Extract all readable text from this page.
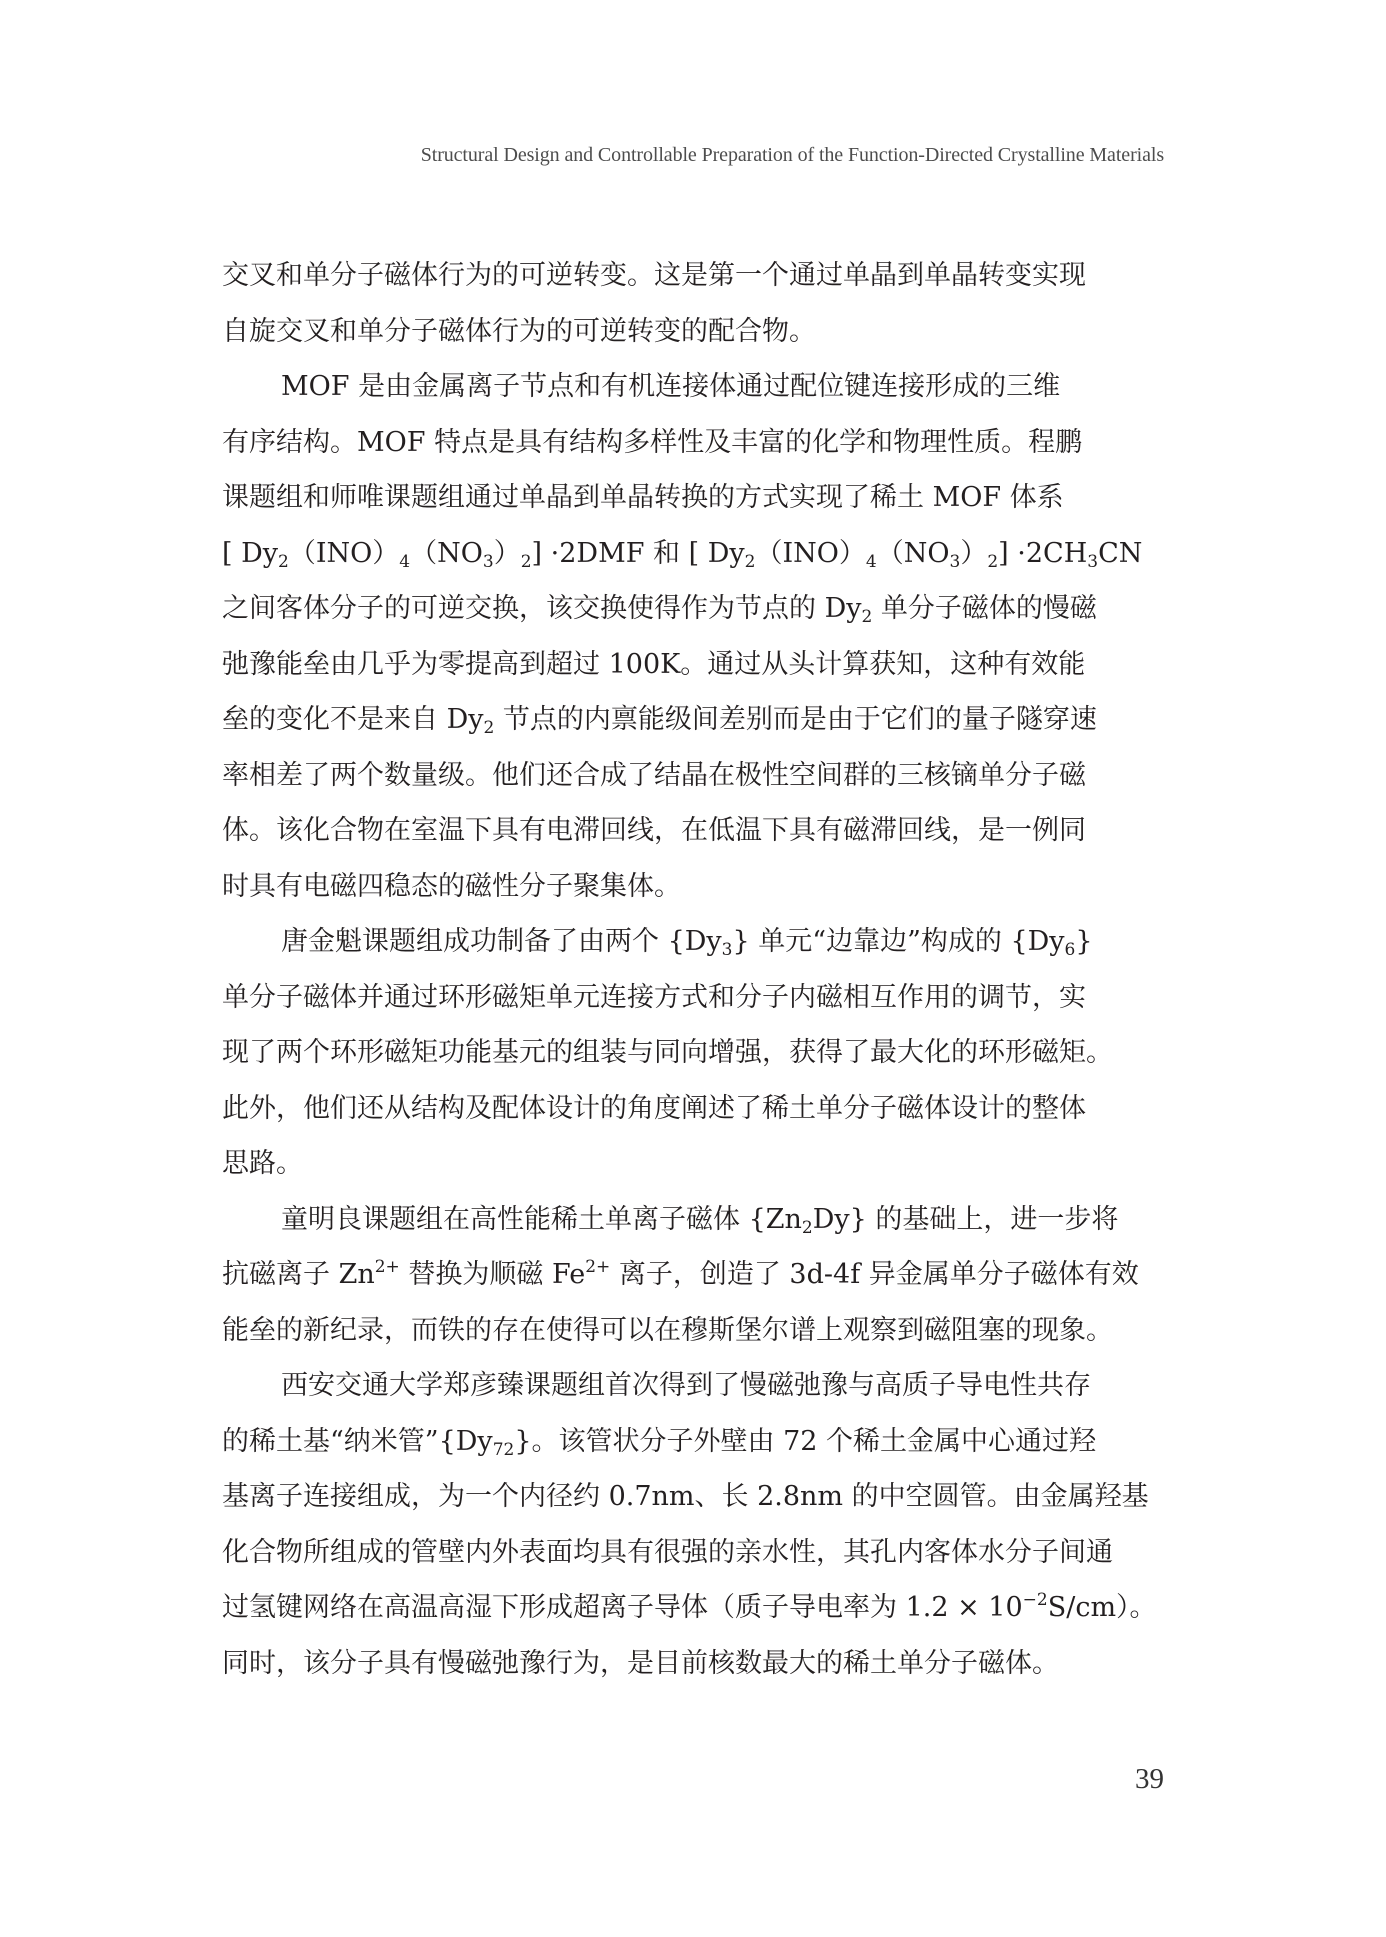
Structural Design and Controllable Preparation of the Function-Directed Crystalline Materials

交叉和单分子磁体行为的可逆转变。这是第一个通过单晶到单晶转变实现
自旋交叉和单分子磁体行为的可逆转变的配合物。

MOF 是由金属离子节点和有机连接体通过配位键连接形成的三维
有序结构。MOF 特点是具有结构多样性及丰富的化学和物理性质。程鹏
课题组和师唯课题组通过单晶到单晶转换的方式实现了稀土 MOF 体系
[ $Dy_2(INO)_4(NO_3)_2] \cdot 2DMF$ 和 [ $Dy_2(INO)_4(NO_3)_2] \cdot 2CH_3CN$
之间客体分子的可逆交换，该交换使得作为节点的 $Dy_2$ 单分子磁体的慢磁
弛豫能垒由几乎为零提高到超过 100K。通过从头计算获知，这种有效能
垒的变化不是来自 $Dy_2$ 节点的内禀能级间差别而是由于它们的量子隧穿速
率相差了两个数量级。他们还合成了结晶在极性空间群的三核镝单分子磁
体。该化合物在室温下具有电滞回线，在低温下具有磁滞回线，是一例同
时具有电磁四稳态的磁性分子聚集体。

唐金魁课题组成功制备了由两个 $\{Dy_3\}$ 单元“边靠边”构成的 $\{Dy_6\}$
单分子磁体并通过环形磁矩单元连接方式和分子内磁相互作用的调节，实
现了两个环形磁矩功能基元的组装与同向增强，获得了最大化的环形磁矩。
此外，他们还从结构及配体设计的角度阐述了稀土单分子磁体设计的整体
思路。

童明良课题组在高性能稀土单离子磁体 $\{Zn_2Dy\}$ 的基础上，进一步将
抗磁离子 $Zn^{2+}$ 替换为顺磁 $Fe^{2+}$ 离子，创造了 3d-4f 异金属单分子磁体有效
能垒的新纪录，而铁的存在使得可以在穆斯堡尔谱上观察到磁阻塞的现象。

西安交通大学郑彦臻课题组首次得到了慢磁弛豫与高质子导电性共存
的稀土基“纳米管$”\{Dy_{72}\}$。该管状分子外壁由 72 个稀土金属中心通过羟
基离子连接组成，为一个内径约 0.7nm、长 2.8nm 的中空圆管。由金属羟基
化合物所组成的管壁内外表面均具有很强的亲水性，其孔内客体水分子间通
过氢键网络在高温高湿下形成超离子导体（质子导电率为 $1.2 \times 10^{-2}S/cm$）。
同时，该分子具有慢磁弛豫行为，是目前核数最大的稀土单分子磁体。

39
